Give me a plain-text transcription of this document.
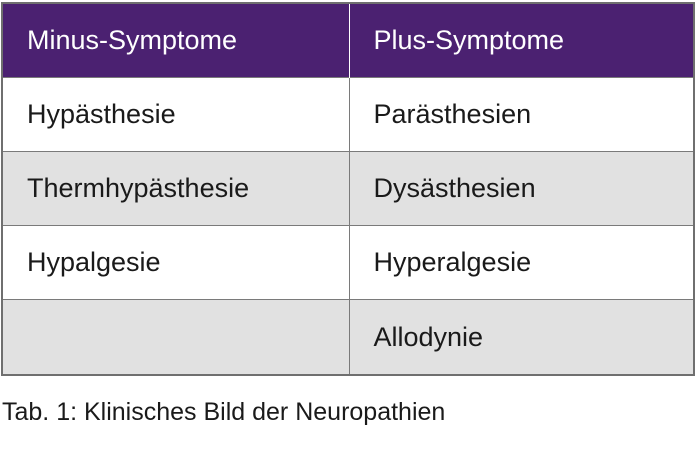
Minus-Symptome	Plus-Symptome
Hypästhesie	Parästhesien
Thermhypästhesie	Dysästhesien
Hypalgesie	Hyperalgesie
	Allodynie
Tab. 1: Klinisches Bild der Neuropathien
